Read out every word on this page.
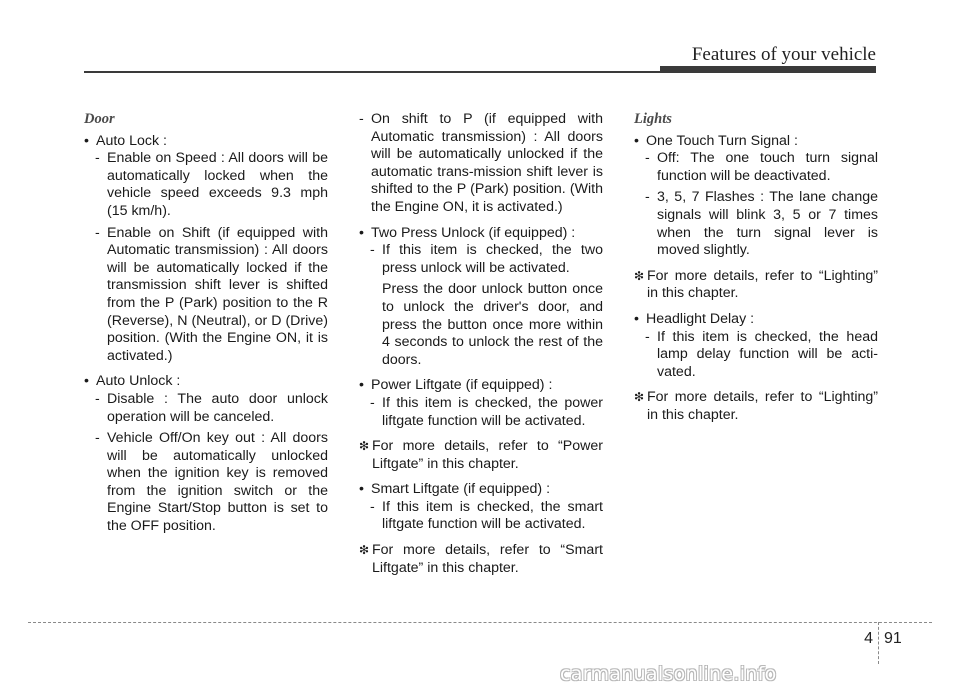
Features of your vehicle
Door
• Auto Lock :
- Enable on Speed : All doors will be automatically locked when the vehicle speed exceeds 9.3 mph (15 km/h).
- Enable on Shift (if equipped with Automatic transmission) : All doors will be automatically locked if the transmission shift lever is shifted from the P (Park) position to the R (Reverse), N (Neutral), or D (Drive) position. (With the Engine ON, it is activated.)
• Auto Unlock :
- Disable : The auto door unlock operation will be canceled.
- Vehicle Off/On key out : All doors will be automatically unlocked when the ignition key is removed from the ignition switch or the Engine Start/Stop button is set to the OFF position.
- On shift to P (if equipped with Automatic transmission) : All doors will be automatically unlocked if the automatic trans-mission shift lever is shifted to the P (Park) position. (With the Engine ON, it is activated.)
• Two Press Unlock (if equipped) :
- If this item is checked, the two press unlock will be activated.
Press the door unlock button once to unlock the driver's door, and press the button once more within 4 seconds to unlock the rest of the doors.
• Power Liftgate (if equipped) :
- If this item is checked, the power liftgate function will be activated.
❇ For more details, refer to “Power Liftgate” in this chapter.
• Smart Liftgate (if equipped) :
- If this item is checked, the smart liftgate function will be activated.
❇ For more details, refer to “Smart Liftgate” in this chapter.
Lights
• One Touch Turn Signal :
- Off: The one touch turn signal function will be deactivated.
- 3, 5, 7 Flashes : The lane change signals will blink 3, 5 or 7 times when the turn signal lever is moved slightly.
❇ For more details, refer to “Lighting” in this chapter.
• Headlight Delay :
- If this item is checked, the head lamp delay function will be acti-vated.
❇ For more details, refer to “Lighting” in this chapter.
4 91
carmanualsonline.info
